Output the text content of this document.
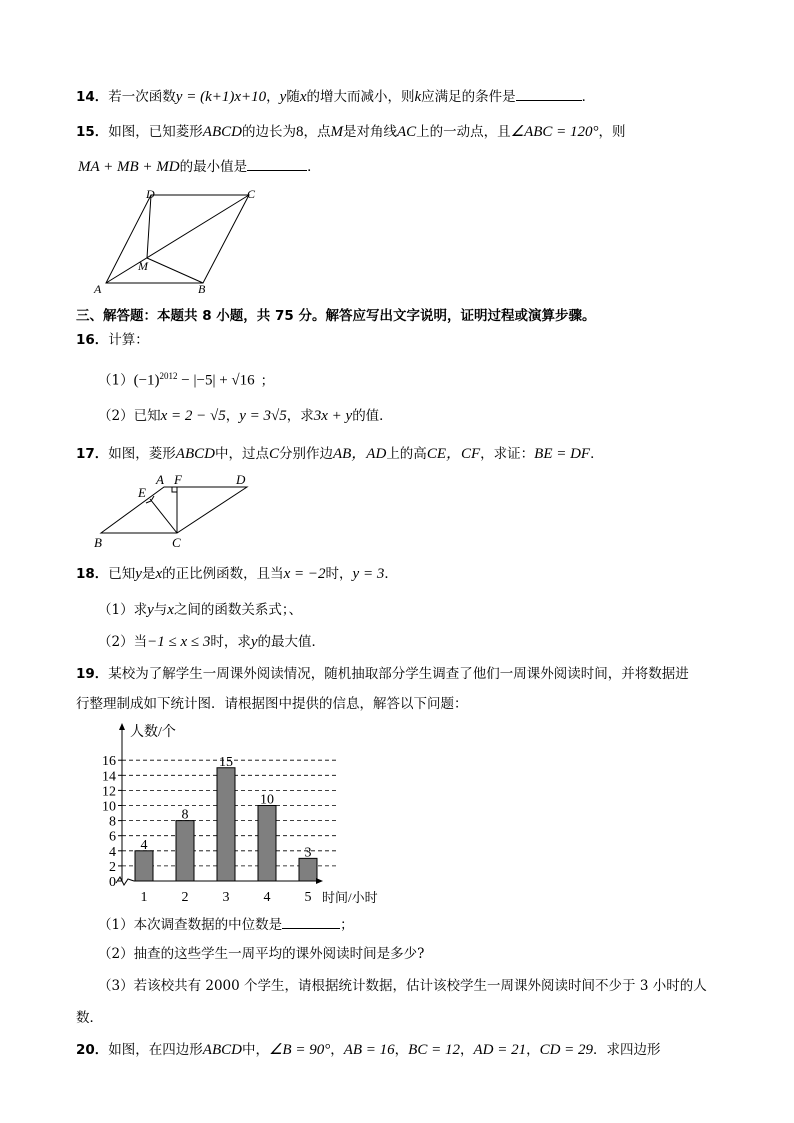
14．若一次函数y = (k+1)x+10，y随x的增大而减小，则k应满足的条件是	．
15．如图，已知菱形ABCD的边长为8，点M是对角线AC上的一动点，且∠ABC = 120°，则
MA + MB + MD的最小值是	．
A	B
C
D
M
三、解答题：本题共 8 小题，共 75 分。解答应写出文字说明，证明过程或演算步骤。
16．计算：
$(1)(-1)^{2012} - |-5| + √16$ ；
（2）已知x = 2 − √5，y = 3√5，求3x + y的值．
17．如图，菱形ABCD中，过点C分别作边AB，AD上的高CE，CF，求证：BE = DF．
A F	D
E
B	C
18．已知y是x的正比例函数，且当x = −2时，y = 3．
（1）求y与x之间的函数关系式；、
（2）当−1 ≤ x ≤ 3时，求y的最大值．
19．某校为了解学生一周课外阅读情况，随机抽取部分学生调查了他们一周课外阅读时间，并将数据进
行整理制成如下统计图．请根据图中提供的信息，解答以下问题：
4
1
8
2
15
3
10
4
3
5
0
2
4
6
8
10
12
14
16
人数/个
时间/小时
（1）本次调查数据的中位数是	；
（2）抽查的这些学生一周平均的课外阅读时间是多少?
（3）若该校共有 2000 个学生，请根据统计数据，估计该校学生一周课外阅读时间不少于 3 小时的人
数．
20．如图，在四边形ABCD中，∠B = 90°，AB = 16，BC = 12，AD = 21，CD = 29．求四边形
